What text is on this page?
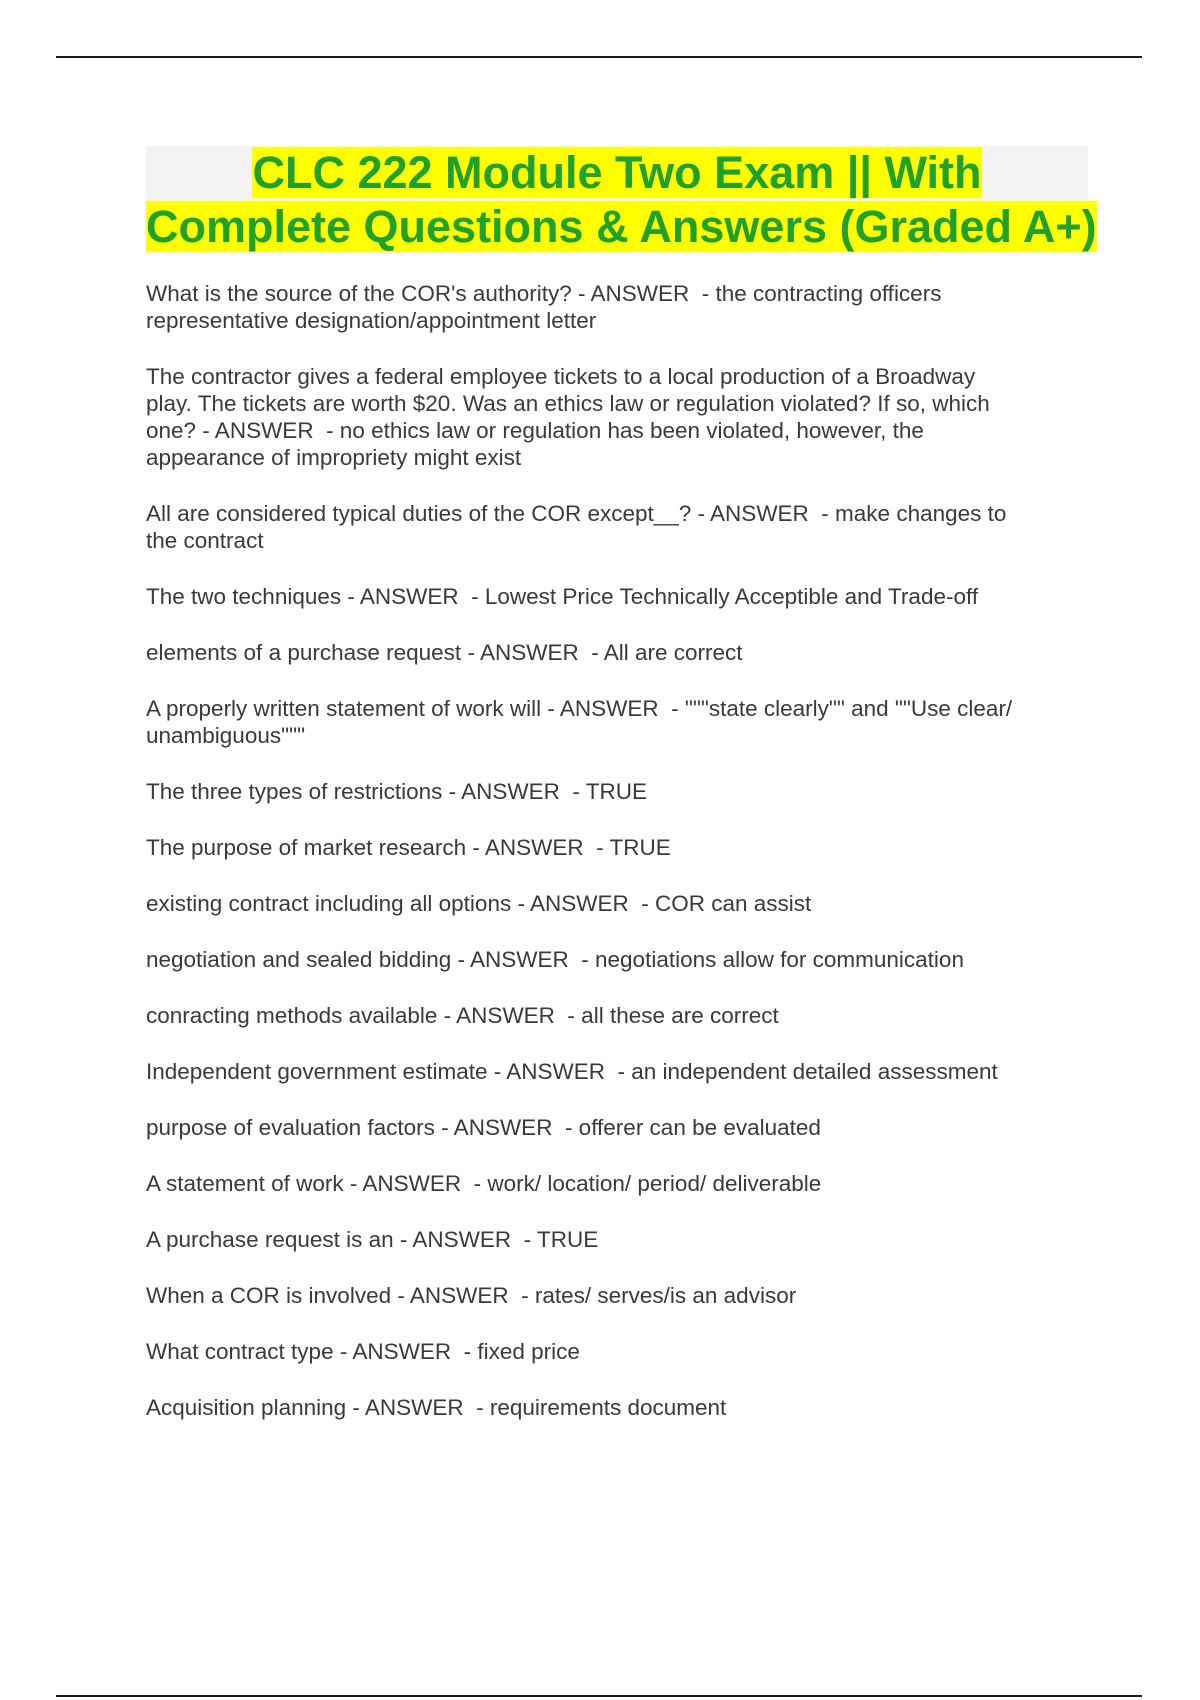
CLC 222 Module Two Exam || With
Complete Questions & Answers (Graded A+)

What is the source of the COR's authority? - ANSWER  - the contracting officers
representative designation/appointment letter

The contractor gives a federal employee tickets to a local production of a Broadway
play. The tickets are worth $20. Was an ethics law or regulation violated? If so, which
one? - ANSWER  - no ethics law or regulation has been violated, however, the
appearance of impropriety might exist

All are considered typical duties of the COR except__? - ANSWER  - make changes to
the contract

The two techniques - ANSWER  - Lowest Price Technically Acceptible and Trade-off

elements of a purchase request - ANSWER  - All are correct

A properly written statement of work will - ANSWER  - """state clearly"" and ""Use clear/
unambiguous"""

The three types of restrictions - ANSWER  - TRUE

The purpose of market research - ANSWER  - TRUE

existing contract including all options - ANSWER  - COR can assist

negotiation and sealed bidding - ANSWER  - negotiations allow for communication

conracting methods available - ANSWER  - all these are correct

Independent government estimate - ANSWER  - an independent detailed assessment

purpose of evaluation factors - ANSWER  - offerer can be evaluated

A statement of work - ANSWER  - work/ location/ period/ deliverable

A purchase request is an - ANSWER  - TRUE

When a COR is involved - ANSWER  - rates/ serves/is an advisor

What contract type - ANSWER  - fixed price

Acquisition planning - ANSWER  - requirements document
